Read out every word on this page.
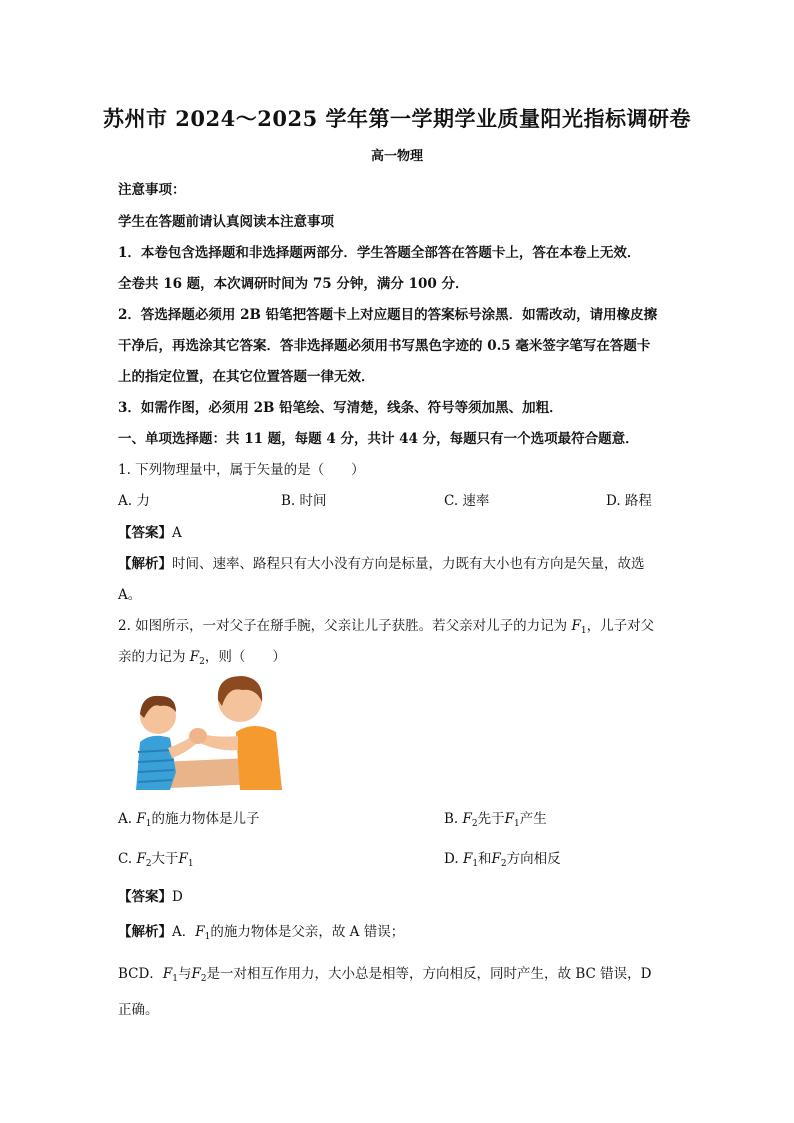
苏州市 2024～2025 学年第一学期学业质量阳光指标调研卷
高一物理
注意事项：
学生在答题前请认真阅读本注意事项
1．本卷包含选择题和非选择题两部分．学生答题全部答在答题卡上，答在本卷上无效．
全卷共 16 题，本次调研时间为 75 分钟，满分 100 分．
2．答选择题必须用 2B 铅笔把答题卡上对应题目的答案标号涂黑．如需改动，请用橡皮擦
干净后，再选涂其它答案．答非选择题必须用书写黑色字迹的 0.5 毫米签字笔写在答题卡
上的指定位置，在其它位置答题一律无效．
3．如需作图，必须用 2B 铅笔绘、写清楚，线条、符号等须加黑、加粗．
一、单项选择题：共 11 题，每题 4 分，共计 44 分，每题只有一个选项最符合题意．
1. 下列物理量中，属于矢量的是（　　）
A. 力	B. 时间	C. 速率	D. 路程
【答案】A
【解析】时间、速率、路程只有大小没有方向是标量，力既有大小也有方向是矢量，故选
A。
2. 如图所示，一对父子在掰手腕，父亲让儿子获胜。若父亲对儿子的力记为 $F_1$，儿子对父
亲的力记为 $F_2$，则（　　）
A. $F_1$的施力物体是儿子	B. $F_2$先于$F_1$产生
C. $F_2$大于$F_1$	D. $F_1$和$F_2$方向相反
【答案】D
【解析】A．$F_1$的施力物体是父亲，故 A 错误；
BCD．$F_1$与$F_2$是一对相互作用力，大小总是相等，方向相反，同时产生，故 BC 错误，D
正确。
